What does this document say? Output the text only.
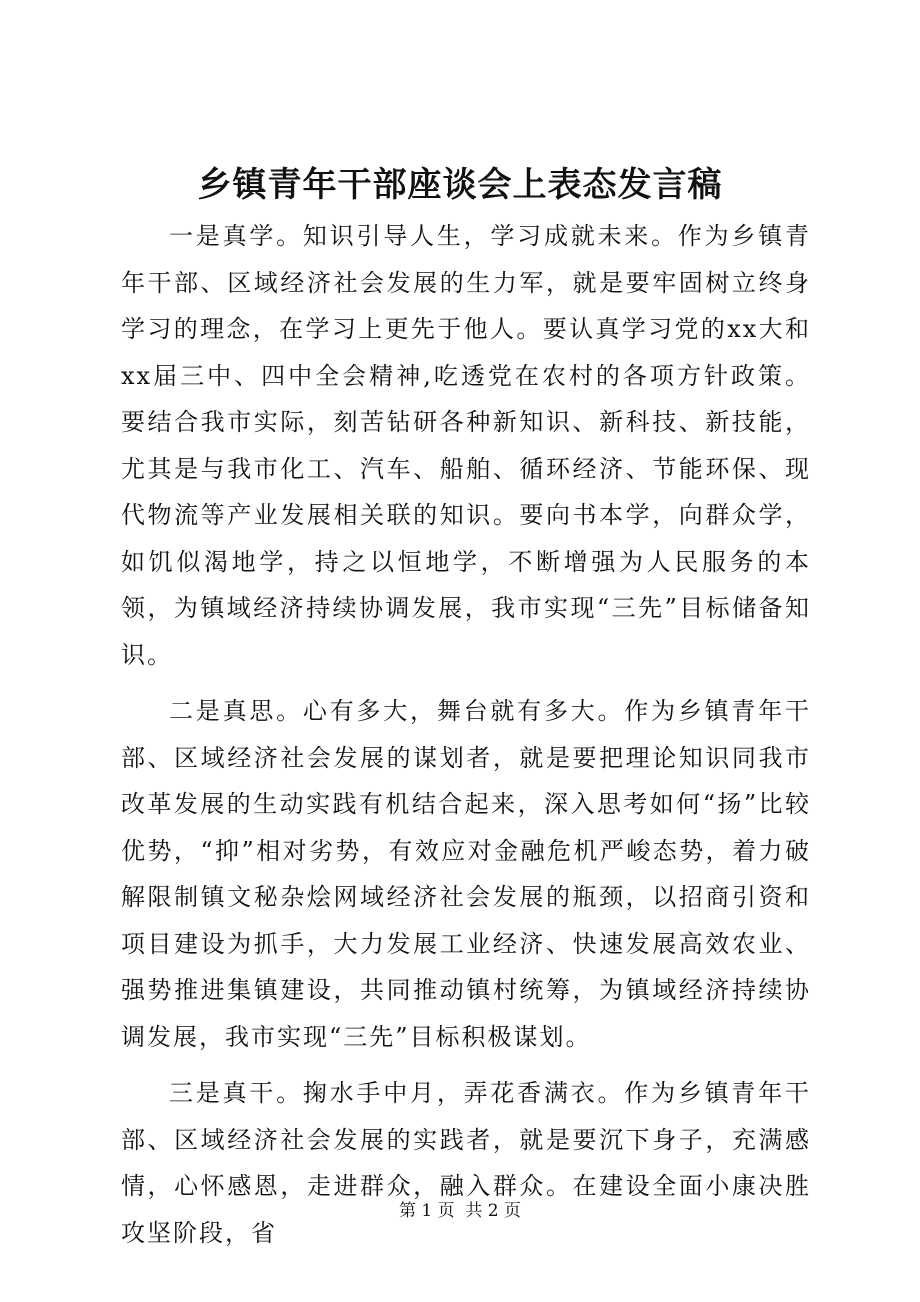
乡镇青年干部座谈会上表态发言稿

一是真学。知识引导人生，学习成就未来。作为乡镇青年干部、区域经济社会发展的生力军，就是要牢固树立终身学习的理念，在学习上更先于他人。要认真学习党的xx大和xx届三中、四中全会精神,吃透党在农村的各项方针政策。要结合我市实际，刻苦钻研各种新知识、新科技、新技能，尤其是与我市化工、汽车、船舶、循环经济、节能环保、现代物流等产业发展相关联的知识。要向书本学，向群众学，如饥似渴地学，持之以恒地学，不断增强为人民服务的本领，为镇域经济持续协调发展，我市实现“三先”目标储备知识。

二是真思。心有多大，舞台就有多大。作为乡镇青年干部、区域经济社会发展的谋划者，就是要把理论知识同我市改革发展的生动实践有机结合起来，深入思考如何“扬”比较优势，“抑”相对劣势，有效应对金融危机严峻态势，着力破解限制镇文秘杂烩网域经济社会发展的瓶颈，以招商引资和项目建设为抓手，大力发展工业经济、快速发展高效农业、强势推进集镇建设，共同推动镇村统筹，为镇域经济持续协调发展，我市实现“三先”目标积极谋划。

三是真干。掬水手中月，弄花香满衣。作为乡镇青年干部、区域经济社会发展的实践者，就是要沉下身子，充满感情，心怀感恩，走进群众，融入群众。在建设全面小康决胜攻坚阶段，省

第 1 页  共 2 页
